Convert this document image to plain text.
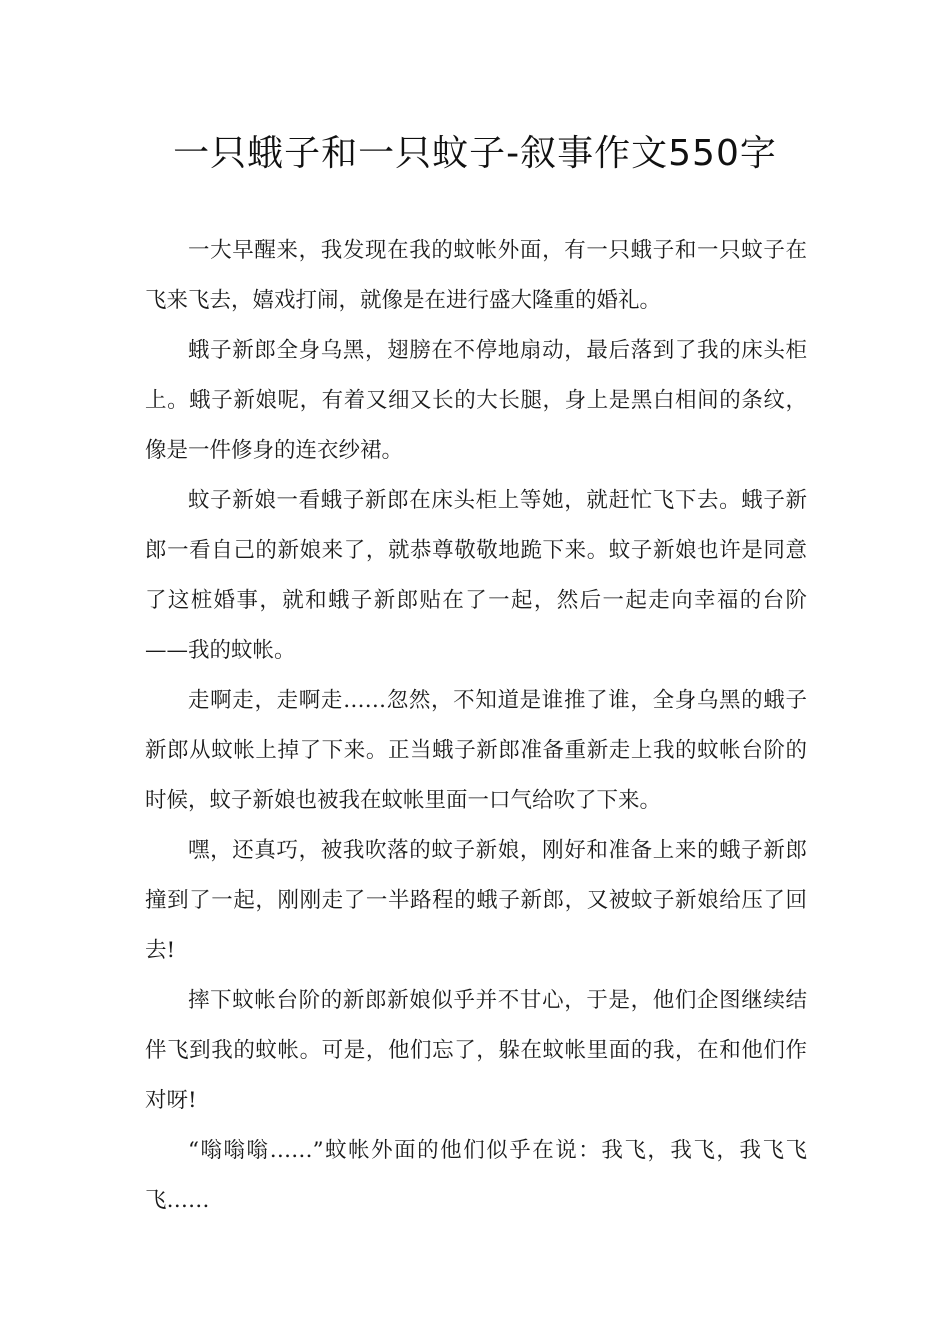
一只蛾子和一只蚊子-叙事作文550字

一大早醒来，我发现在我的蚊帐外面，有一只蛾子和一只蚊子在飞来飞去，嬉戏打闹，就像是在进行盛大隆重的婚礼。

蛾子新郎全身乌黑，翅膀在不停地扇动，最后落到了我的床头柜上。蛾子新娘呢，有着又细又长的大长腿，身上是黑白相间的条纹，像是一件修身的连衣纱裙。

蚊子新娘一看蛾子新郎在床头柜上等她，就赶忙飞下去。蛾子新郎一看自己的新娘来了，就恭尊敬敬地跪下来。蚊子新娘也许是同意了这桩婚事，就和蛾子新郎贴在了一起，然后一起走向幸福的台阶——我的蚊帐。

走啊走，走啊走……忽然，不知道是谁推了谁，全身乌黑的蛾子新郎从蚊帐上掉了下来。正当蛾子新郎准备重新走上我的蚊帐台阶的时候，蚊子新娘也被我在蚊帐里面一口气给吹了下来。

嘿，还真巧，被我吹落的蚊子新娘，刚好和准备上来的蛾子新郎撞到了一起，刚刚走了一半路程的蛾子新郎，又被蚊子新娘给压了回去!

摔下蚊帐台阶的新郎新娘似乎并不甘心，于是，他们企图继续结伴飞到我的蚊帐。可是，他们忘了，躲在蚊帐里面的我，在和他们作对呀!

“嗡嗡嗡……”蚊帐外面的他们似乎在说：我飞，我飞，我飞飞飞……
